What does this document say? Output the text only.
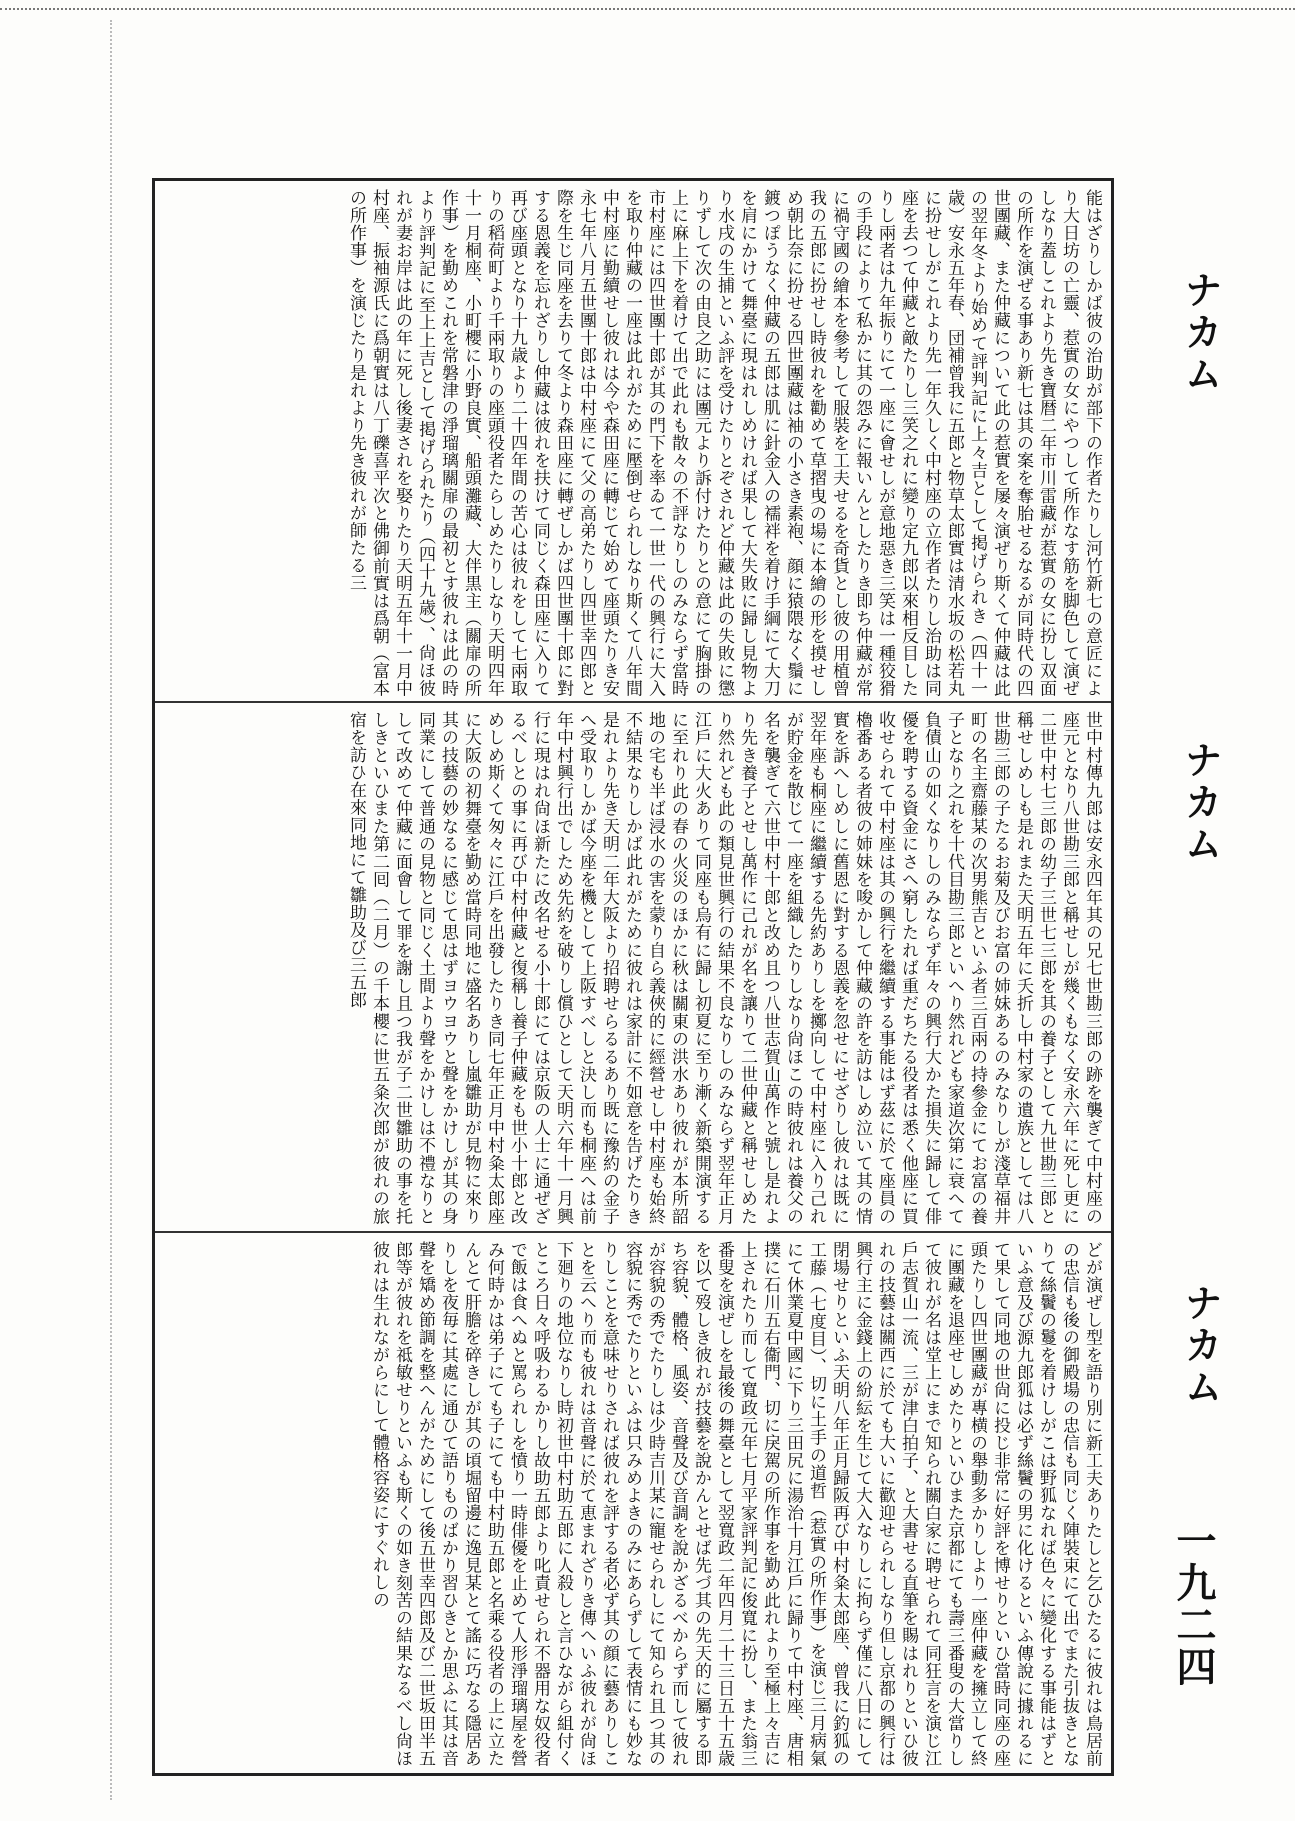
能はざりしかば彼の治助が部下の作者たりし河竹新七の意匠により大日坊の亡靈、惹實の女にやつして所作なす筋を脚色して演ぜしなり蓋しこれより先き寶暦二年市川雷藏が惹實の女に扮し双面の所作を演ぜる事あり新七は其の案を奪胎せるなるが同時代の四世團藏、また仲藏について此の惹實を屡々演ぜり斯くて仲藏は此の翌年冬より始めて評判記に上々吉として掲げられき（四十一歳）安永五年春、団補曾我に五郎と物草太郎實は清水坂の松若丸に扮せしがこれより先一年久しく中村座の立作者たりし治助は同座を去つて仲藏と敵たりし三笑之れに變り定九郎以來相反目したりし兩者は九年振りにて一座に會せしが意地惡き三笑は一種狡猾の手段によりて私かに其の怨みに報いんとしたりき即ち仲藏が常に禍守國の繪本を參考して服裝を工夫せるを奇貨とし彼の用植曾我の五郎に扮せし時彼れを勸めて草摺曳の場に本繪の形を摸せしめ朝比奈に扮せる四世團藏は袖の小さき素袍、顔に猿隈なく鬚に鍍つぽうなく仲藏の五郎は肌に針金入の襦袢を着け手綱にて大刀を肩にかけて舞臺に現はれしめければ果して大失敗に歸し見物より水戌の生捕といふ評を受けたりとぞされど仲藏は此の失敗に懲りずして次の由良之助には團元より訴付けたりとの意にて胸掛の上に麻上下を着けて出で此れも散々の不評なりしのみならず當時市村座には四世團十郎が其の門下を率ゐて一世一代の興行に大入を取り仲藏の一座は此れがために壓倒せられしなり斯くて八年間中村座に勤續せし彼れは今や森田座に轉じて始めて座頭たりき安永七年八月五世團十郎は中村座にて父の高弟たりし四世幸四郎と際を生じ同座を去りて冬より森田座に轉ぜしかば四世團十郎に對する恩義を忘れざりし仲藏は彼れを扶けて同じく森田座に入りて再び座頭となり十九歳より二十四年間の苦心は彼れをして七兩取りの稻荷町より千兩取りの座頭役者たらしめたりしなり天明四年十一月桐座、小町櫻に小野良實、船頭灘藏、大伴黒主（關扉の所作事）を勤めこれを常磐津の淨瑠璃關扉の最初とす彼れは此の時より評判記に至上上吉として掲げられたり（四十九歳）、尙ほ彼れが妻お岸は此の年に死し後妻されを娶りたり天明五年十一月中村座、振袖源氏に爲朝實は八丁礫喜平次と佛御前實は爲朝（富本の所作事）を演じたり是れより先き彼れが師たる三
世中村傳九郎は安永四年其の兄七世勘三郎の跡を襲ぎて中村座の座元となり八世勘三郎と稱せしが幾くもなく安永六年に死し更に二世中村七三郎の幼子三世七三郎を其の養子として九世勘三郎と稱せしめしも是れまた天明五年に夭折し中村家の遺族としては八世勘三郎の子たるお菊及びお富の姉妹あるのみなりしが淺草福井町の名主齋藤某の次男熊吉といふ者三百兩の持參金にてお富の養子となり之れを十代目勘三郎といへり然れども家道次第に衰へて負債山の如くなりしのみならず年々の興行大かた損失に歸して俳優を聘する資金にさへ窮したれば重だちたる役者は悉く他座に買收せられて中村座は其の興行を繼續する事能はず茲に於て座員の櫓番ある者彼の姉妹を唆かして仲藏の許を訪はしめ泣いて其の情實を訴へしめしに舊恩に對する恩義を忽せにせざりし彼れは既に翌年座も桐座に繼續する先約ありしを擲向して中村座に入り己れが貯金を散じて一座を組織したりしなり尙ほこの時彼れは養父の名を襲ぎて六世中村十郎と改め且つ八世志賀山萬作と號し是れより先き養子とせし萬作に己れが名を讓りて二世仲藏と稱せしめたり然れども此の類見世興行の結果不良なりしのみならず翌年正月江戶に大火ありて同座も烏有に歸し初夏に至り漸く新築開演するに至れり此の春の火災のほかに秋は關東の洪水あり彼れが本所韶地の宅も半ば浸水の害を蒙り自ら義俠的に經營せし中村座も始終不結果なりしかば此れがために彼れは家計に不如意を告げたりき是れより先き天明二年大阪より招聘せらるるあり既に豫約の金子へ受取りしかば今座を機として上阪すべしと決し而も桐座へは前年中村興行出でしため先約を破りし償ひとして天明六年十一月興行に現はれ尙ほ新たに改名せる小十郎にては京阪の人士に通ぜざるべしとの事に再び中村仲藏と復稱し養子仲藏をも世小十郎と改めしめ斯くて匆々に江戶を出發したりき同七年正月中村粂太郎座に大阪の初舞臺を勤め當時同地に盛名ありし嵐雛助が見物に來り其の技藝の妙なるに感じて思はずヨウヨウと聲をかけしが其の身同業にして普通の見物と同じく土間より聲をかけしは不禮なりとして改めて仲藏に面會して罪を謝し且つ我が子二世雛助の事を托しきといひまた第二囘（二月）の千本櫻に世五粂次郎が彼れの旅宿を訪ひ在來同地にて雛助及び三五郎
どが演ぜし型を語り別に新工夫ありたしと乞ひたるに彼れは鳥居前の忠信も後の御殿場の忠信も同じく陣裝束にて出でまた引抜きとなりて絲鬢の鬘を着けしがこは野狐なれば色々に變化する事能はずといふ意及び源九郎狐は必ず絲鬢の男に化けるといふ傳說に據れるにて果して同地の世尙に投じ非常に好評を博せりといひ當時同座の座頭たりし四世團藏が專横の舉動多かりしより一座仲藏を擁立して終に團藏を退座せしめたりといひまた京都にても壽三番叟の大當りして彼れが名は堂上にまで知られ關白家に聘せられて同狂言を演じ江戶志賀山一流、三が津白拍子、と大書せる直筆を賜はれりといひ彼れの技藝は關西に於ても大いに歡迎せられしなり但し京都の興行は興行主に金錢上の紛紜を生じて大入なりしに拘らず僅に八日にして閉場せりといふ天明八年正月歸阪再び中村粂太郎座、曾我に釣狐の工藤（七度目）、切に土手の道哲（惹實の所作事）を演じ三月病氣にて休業夏中國に下り三田尻に湯治十月江戶に歸りて中村座、唐相撲に石川五右衞門、切に戾駕の所作事を勤め此れより至極上々吉に上されたり而して寬政元年七月平家評判記に俊寬に扮し、また翁三番叟を演ぜしを最後の舞臺として翌寬政二年四月二十三日五十五歳を以て歿しき彼れが技藝を說かんとせば先づ其の先天的に屬する即ち容貌、體格、風姿、音聲及び音調を說かざるべからず而して彼れが容貌の秀でたりしは少時吉川某に寵せられしにて知られ且つ其の容貌に秀でたりといふは只みめよきのみにあらずして表情にも妙なりしことを意味せりされば彼れを評する者必ず其の顔に藝ありしことを云へり而も彼れは音聲に於て恵まれざりき傳へいふ彼れが尙ほ下廻りの地位なりし時初世中村助五郎に人殺しと言ひながら組付くところ日々呼吸わるかりし故助五郎より叱責せられ不器用な奴役者で飯は食へぬと罵られしを憤り一時俳優を止めて人形淨瑠璃屋を營み何時かは弟子にても子にても中村助五郎と名乘る役者の上に立たんとて肝膽を碎きしが其の頃堀留邊に逸見某とて謠に巧なる隱居ありしを夜毎に其處に通ひて語りものばかり習ひきとか思ふに其は音聲を矯め節調を整へんがためにして後五世幸四郎及び二世坂田半五郎等が彼れを祗敏せりといふも斯くの如き刻苦の結果なるべし尙ほ彼れは生れながらにして體格容姿にすぐれしの
ナカム
ナカム
ナカム
一九二四
